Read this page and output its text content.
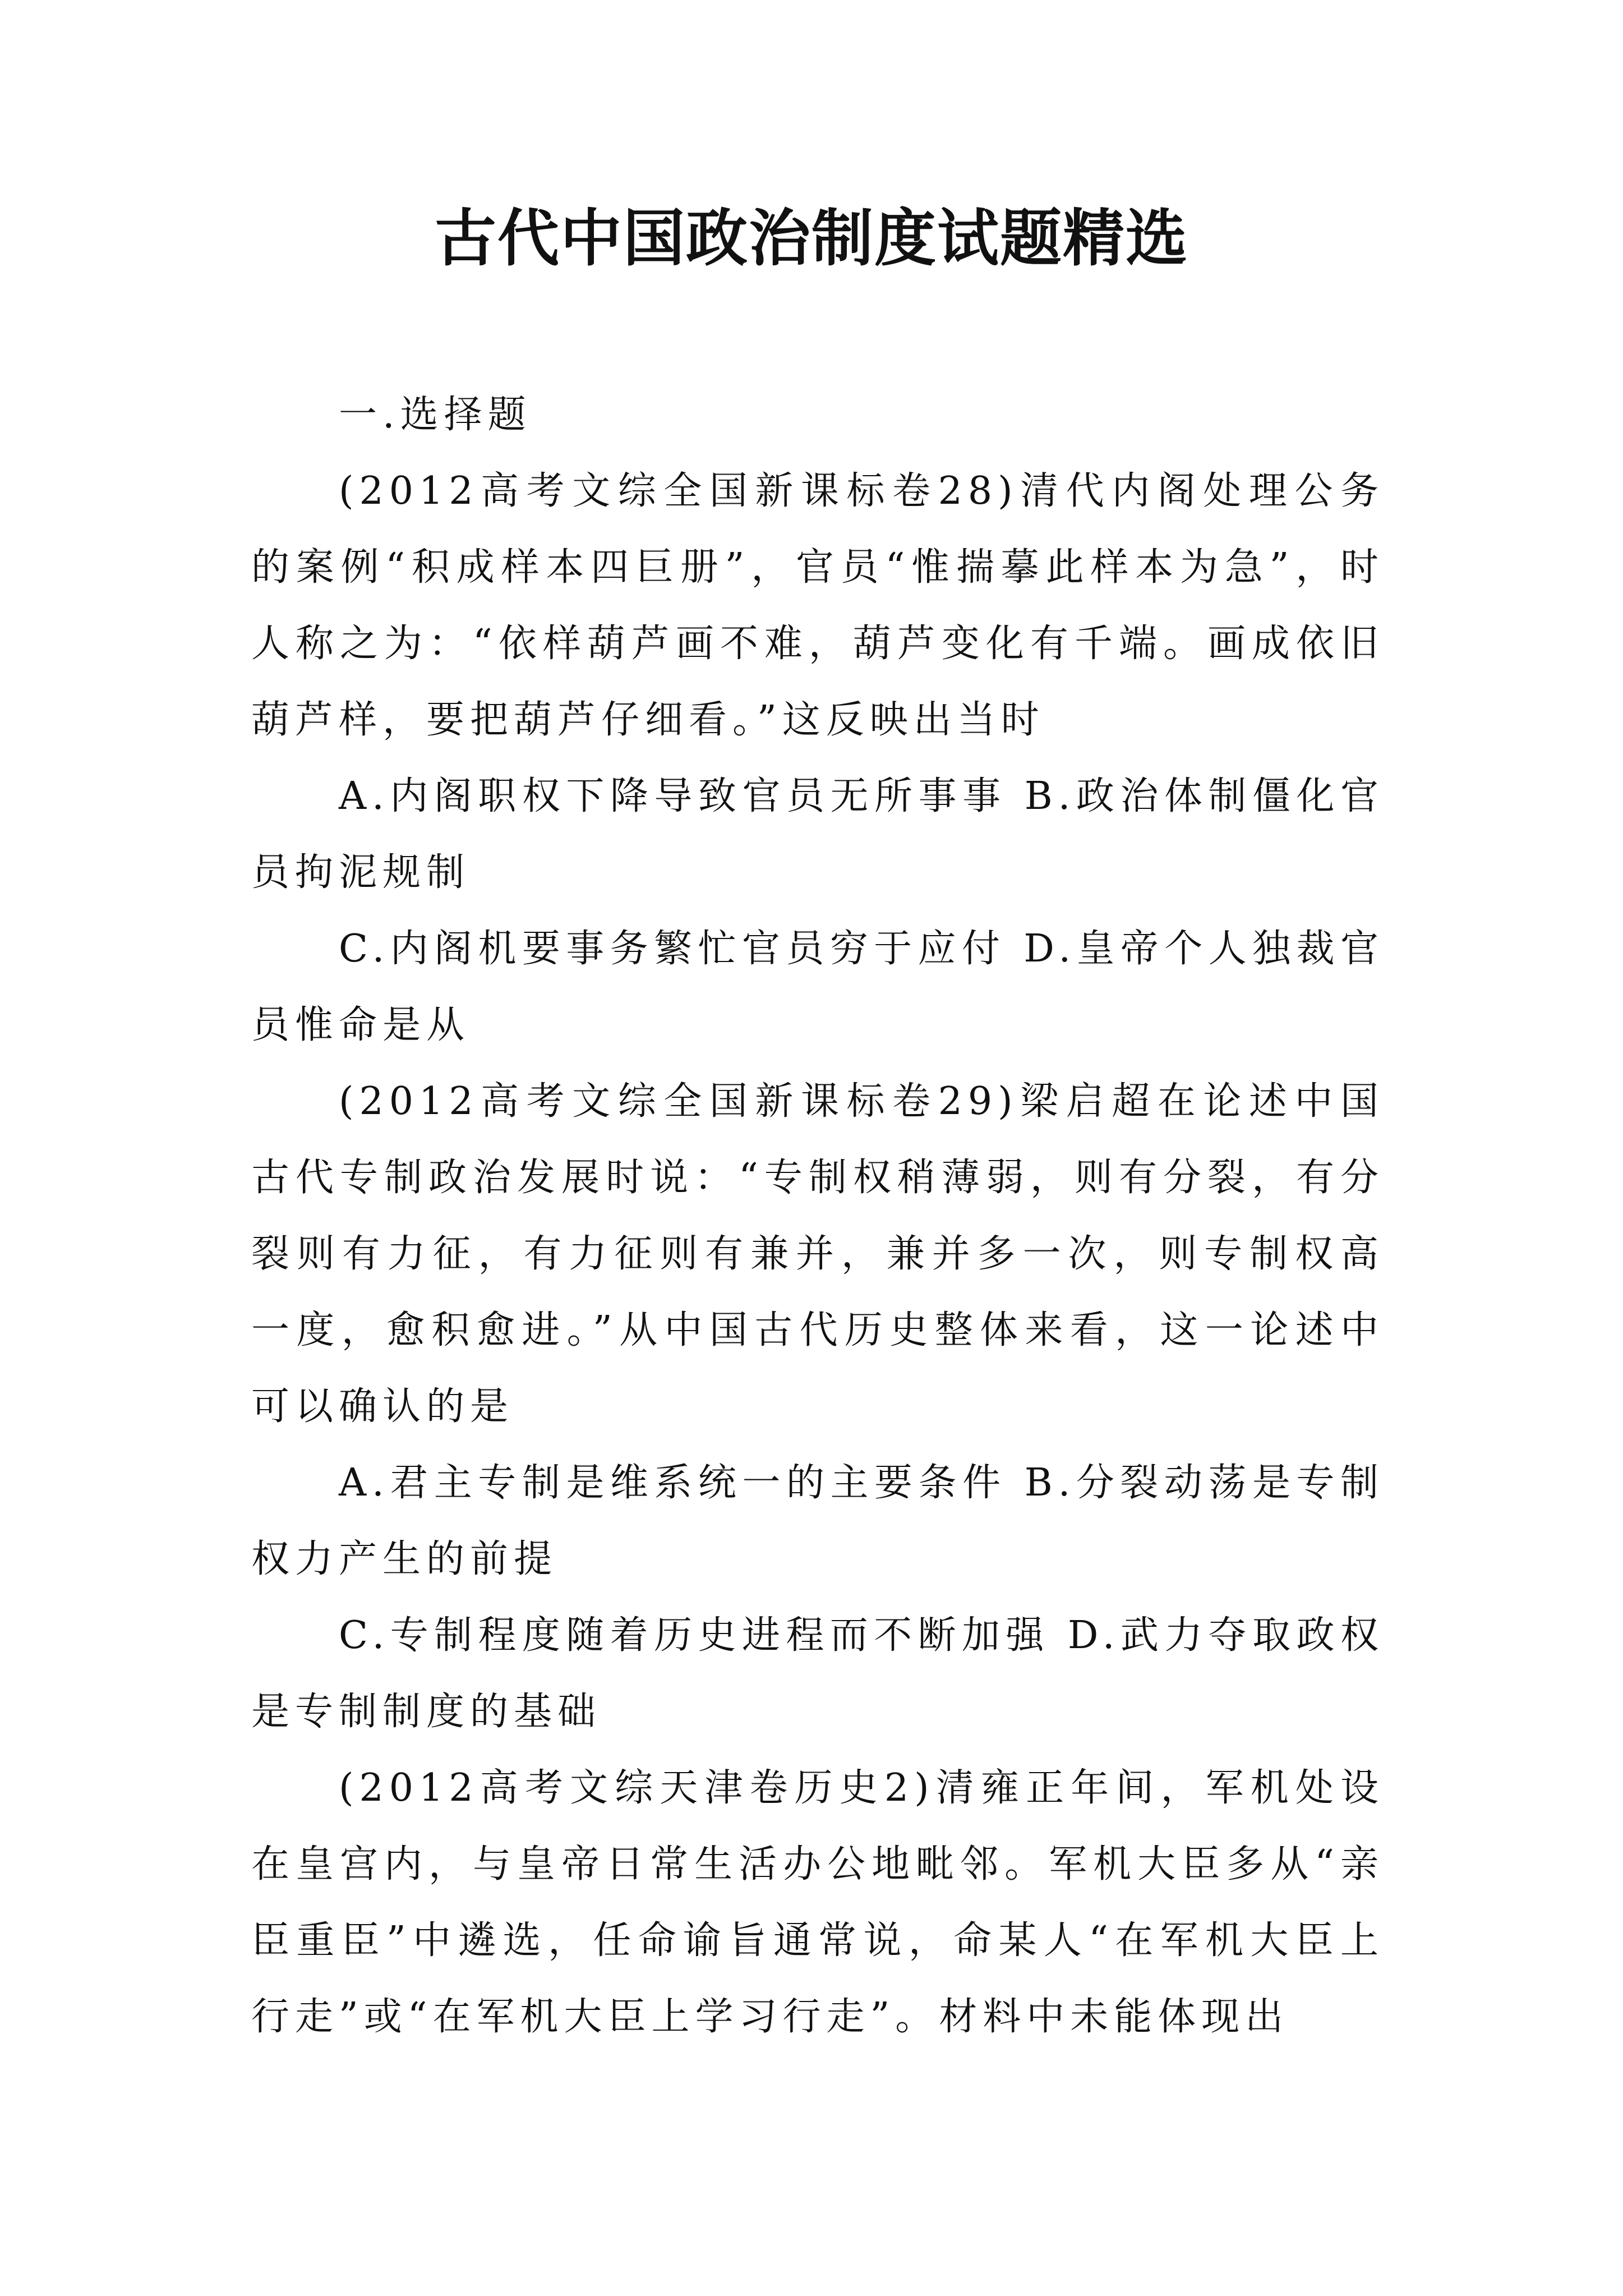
古代中国政治制度试题精选

一.选择题

(2012高考文综全国新课标卷28)清代内阁处理公务的案例“积成样本四巨册”，官员“惟揣摹此样本为急”，时人称之为：“依样葫芦画不难，葫芦变化有千端。画成依旧葫芦样，要把葫芦仔细看。”这反映出当时

A.内阁职权下降导致官员无所事事 B.政治体制僵化官员拘泥规制

C.内阁机要事务繁忙官员穷于应付 D.皇帝个人独裁官员惟命是从

(2012高考文综全国新课标卷29)梁启超在论述中国古代专制政治发展时说：“专制权稍薄弱，则有分裂，有分裂则有力征，有力征则有兼并，兼并多一次，则专制权高一度，愈积愈进。”从中国古代历史整体来看，这一论述中可以确认的是

A.君主专制是维系统一的主要条件 B.分裂动荡是专制权力产生的前提

C.专制程度随着历史进程而不断加强 D.武力夺取政权是专制制度的基础

(2012高考文综天津卷历史2)清雍正年间，军机处设在皇宫内，与皇帝日常生活办公地毗邻。军机大臣多从“亲臣重臣”中遴选，任命谕旨通常说，命某人“在军机大臣上行走”或“在军机大臣上学习行走”。材料中未能体现出
